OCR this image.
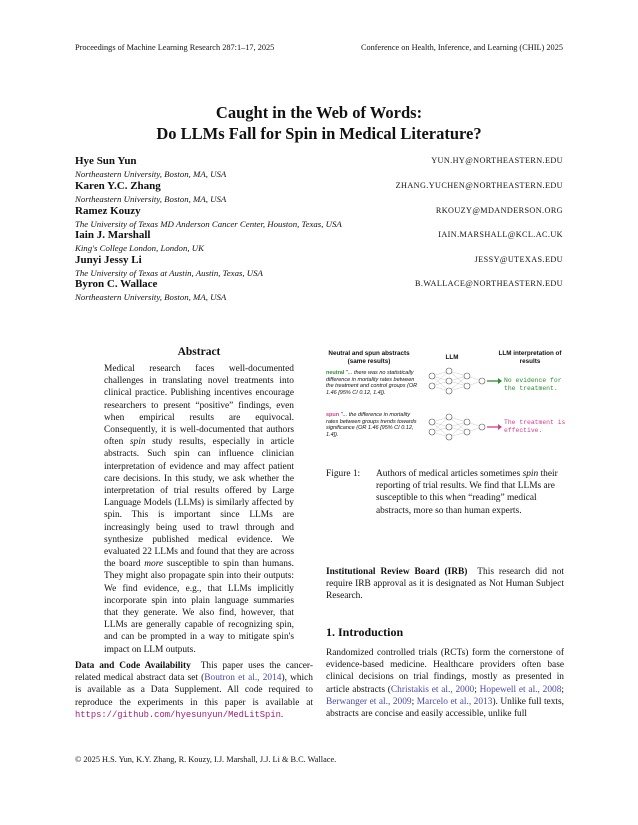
Proceedings of Machine Learning Research 287:1–17, 2025	Conference on Health, Inference, and Learning (CHIL) 2025
Caught in the Web of Words:
Do LLMs Fall for Spin in Medical Literature?
Hye Sun Yun	YUN.HY@NORTHEASTERN.EDU
Northeastern University, Boston, MA, USA
Karen Y.C. Zhang	ZHANG.YUCHEN@NORTHEASTERN.EDU
Northeastern University, Boston, MA, USA
Ramez Kouzy	RKOUZY@MDANDERSON.ORG
The University of Texas MD Anderson Cancer Center, Houston, Texas, USA
Iain J. Marshall	IAIN.MARSHALL@KCL.AC.UK
King's College London, London, UK
Junyi Jessy Li	JESSY@UTEXAS.EDU
The University of Texas at Austin, Austin, Texas, USA
Byron C. Wallace	B.WALLACE@NORTHEASTERN.EDU
Northeastern University, Boston, MA, USA
Abstract
Medical research faces well-documented challenges in translating novel treatments into clinical practice. Publishing incentives encourage researchers to present “positive” findings, even when empirical results are equivocal. Consequently, it is well-documented that authors often spin study results, especially in article abstracts. Such spin can influence clinician interpretation of evidence and may affect patient care decisions. In this study, we ask whether the interpretation of trial results offered by Large Language Models (LLMs) is similarly affected by spin. This is important since LLMs are increasingly being used to trawl through and synthesize published medical evidence. We evaluated 22 LLMs and found that they are across the board more susceptible to spin than humans. They might also propagate spin into their outputs: We find evidence, e.g., that LLMs implicitly incorporate spin into plain language summaries that they generate. We also find, however, that LLMs are generally capable of recognizing spin, and can be prompted in a way to mitigate spin's impact on LLM outputs.
Data and Code Availability This paper uses the cancer-related medical abstract data set (Boutron et al., 2014), which is available as a Data Supplement. All code required to reproduce the experiments in this paper is available at https://github.com/hyesunyun/MedLitSpin.
Neutral and spun abstracts (same results)	LLM
LLM interpretation of results
neutral "... there was no statistically difference in mortality rates between the treatment and control groups (OR 1.46 [95% CI 0.12, 1.4]).
spun "... the difference in mortality rates between groups trends towards significance (OR 1.46 [95% CI 0.12, 1.4]).
No evidence for the treatment.
The treatment is effective.
Figure 1:	Authors of medical articles sometimes spin their reporting of trial results. We find that LLMs are susceptible to this when “reading” medical abstracts, more so than human experts.
Institutional Review Board (IRB) This research did not require IRB approval as it is designated as Not Human Subject Research.
1. Introduction
Randomized controlled trials (RCTs) form the cornerstone of evidence-based medicine. Healthcare providers often base clinical decisions on trial findings, mostly as presented in article abstracts (Christakis et al., 2000; Hopewell et al., 2008; Berwanger et al., 2009; Marcelo et al., 2013). Unlike full texts, abstracts are concise and easily accessible, unlike full
© 2025 H.S. Yun, K.Y. Zhang, R. Kouzy, I.J. Marshall, J.J. Li & B.C. Wallace.
